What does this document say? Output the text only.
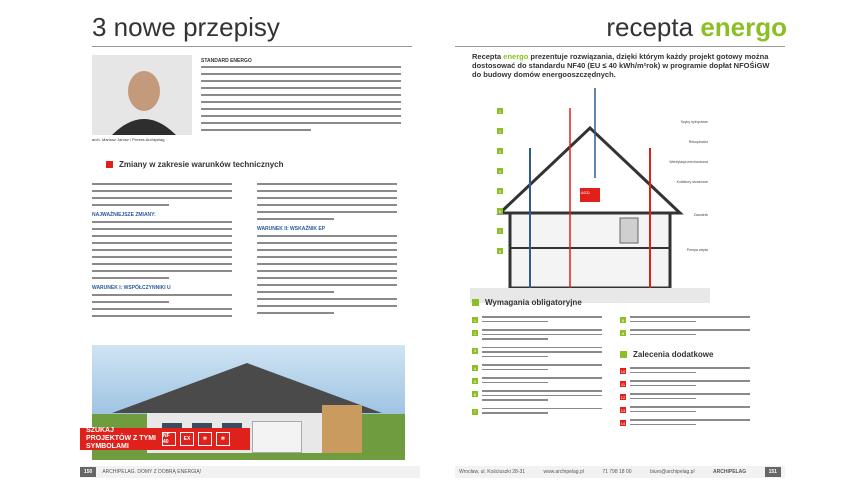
3 nowe przepisy
arch. Mariusz Jarosz / Prezes Archipelag
STANDARD ENERGO
Zmiany w zakresie warunków technicznych
NAJWAŻNIEJSZE ZMIANY:
WARUNEK I: WSPÓŁCZYNNIKI U
WARUNEK II: WSKAŹNIK EP
SZUKAJ PROJEKTÓW Z TYMI SYMBOLAMI
NF 40	EX	✲	✲
150	ARCHIPELAG. DOMY Z DOBRĄ ENERGIĄ!
recepta energo
Recepta energo prezentuje rozwiązania, dzięki którym każdy projekt gotowy można dostosować do standardu NF40 (EU ≤ 40 kWh/m²rok) w programie dopłat NFOŚiGW do budowy domów energooszczędnych.
1
2
3
4
5
6
7
8
Szyby hybrydowe
Rekuperator
Wentylacja mechaniczna
Kolektory słoneczne
Zasobnik
Pompa ciepła
AGD
Wymagania obligatoryjne
1
2
3
4
5
6
7
8
9
Zalecenia dodatkowe
10
11
12
13
14
Wrocław, ul. Kościuszki 28-31	www.archipelag.pl	71 798 18 00	biuro@archipelag.pl	ARCHIPELAG	151
